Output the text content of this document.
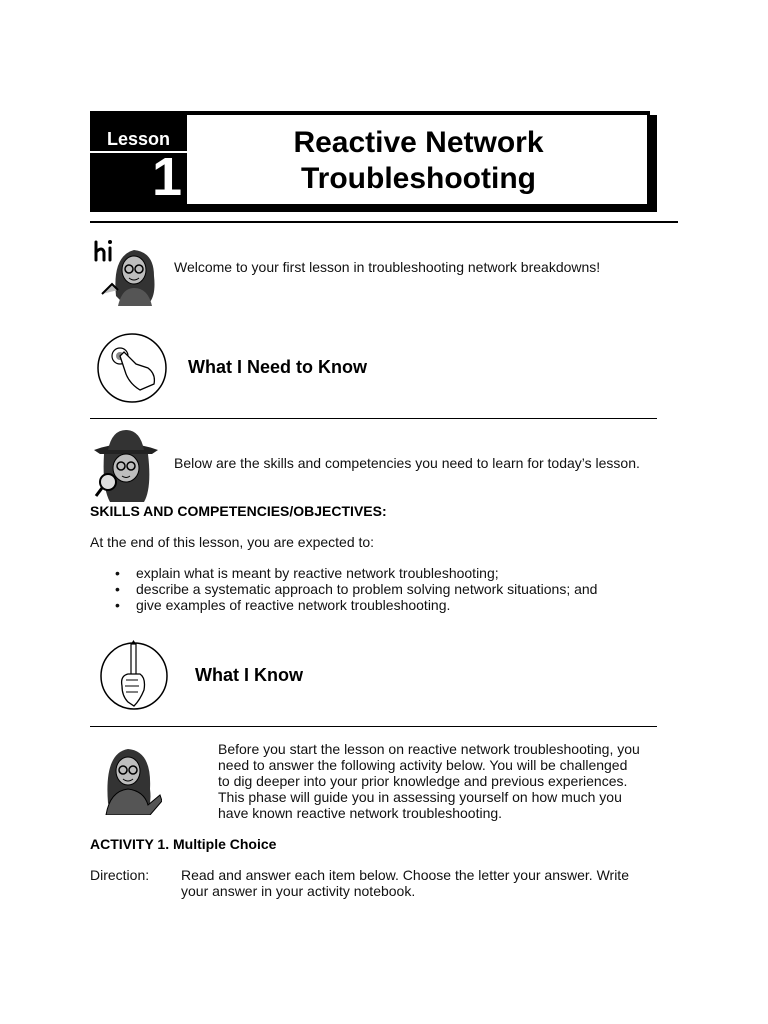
Lesson
1
Reactive Network
Troubleshooting
Welcome to your first lesson in troubleshooting network breakdowns!
What I Need to Know
Below are the skills and competencies you need to learn for today’s lesson.
SKILLS AND COMPETENCIES/OBJECTIVES:
At the end of this lesson, you are expected to:
• explain what is meant by reactive network troubleshooting;
• describe a systematic approach to problem solving network situations; and
• give examples of reactive network troubleshooting.
What I Know
Before you start the lesson on reactive network troubleshooting, you
need to answer the following activity below. You will be challenged
to dig deeper into your prior knowledge and previous experiences.
This phase will guide you in assessing yourself on how much you
have known reactive network troubleshooting.
ACTIVITY 1. Multiple Choice
Direction: Read and answer each item below. Choose the letter your answer. Write
your answer in your activity notebook.
